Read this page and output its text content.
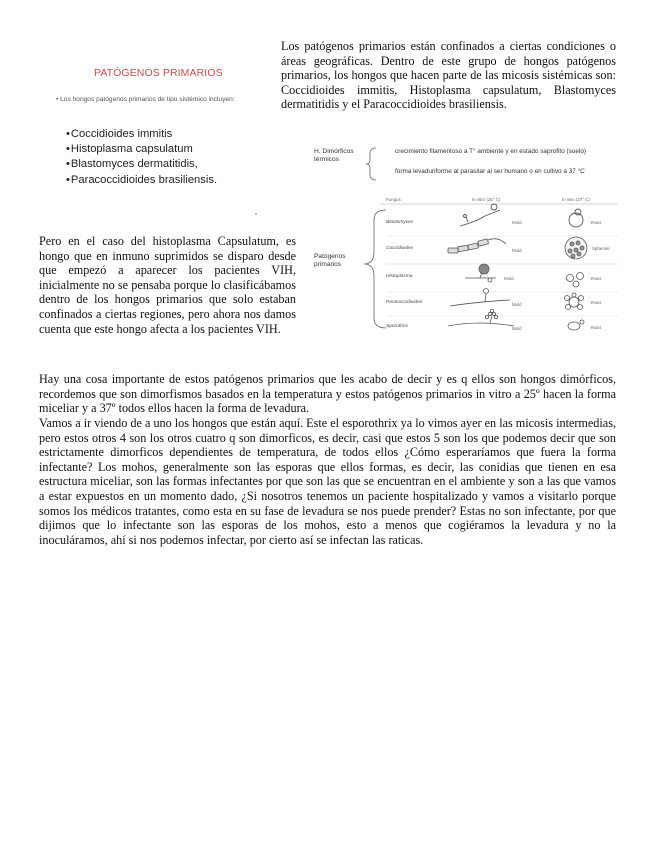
PATÓGENOS PRIMARIOS
• Los hongos patógenos primarios de tipo sistémico incluyen:
• Coccidioides immitis
• Histoplasma capsulatum
• Blastomyces dermatitidis,
• Paracoccidioides brasiliensis.

Los patógenos primarios están confinados a ciertas condiciones o áreas geográficas. Dentro de este grupo de hongos patógenos primarios, los hongos que hacen parte de las micosis sistémicas son: Coccidioides immitis, Histoplasma capsulatum, Blastomyces dermatitidis y el Paracoccidioides brasiliensis.

H. Dimórficos térmicos
crecimiento filamentoso a T° ambiente y en estado saprofito (suelo)
forma levaduriforme al parasitar al ser humano o en cultivo a 37 °C
Patógenos primarios
Fungus	In vitro (25° C)	In vivo (37° C)
Blastomyces
Coccidioides
Histoplasma
Paracoccidioides
Sporothrix
Mold
Mold
Mold
Mold
Mold
Yeast
Spherule
Yeast
Yeast
Yeast

Pero en el caso del histoplasma Capsulatum, es hongo que en inmuno suprimidos se disparo desde que empezó a aparecer los pacientes VIH, inicialmente no se pensaba porque lo clasificábamos dentro de los hongos primarios que solo estaban confinados a ciertas regiones, pero ahora nos damos cuenta que este hongo afecta a los pacientes VIH.

Hay una cosa importante de estos patógenos primarios que les acabo de decir y es q ellos son hongos dimórficos, recordemos que son dimorfismos basados en la temperatura y estos patógenos primarios in vitro a 25º hacen la forma miceliar y a 37º todos ellos hacen la forma de levadura.

Vamos a ir viendo de a uno los hongos que están aquí. Este el esporothrix ya lo vimos ayer en las micosis intermedias, pero estos otros 4 son los otros cuatro q son dimorficos, es decir, casi que estos 5 son los que podemos decir que son estrictamente dimorficos dependientes de temperatura, de todos ellos ¿Cómo esperaríamos que fuera la forma infectante? Los mohos, generalmente son las esporas que ellos formas, es decir, las conidias que tienen en esa estructura miceliar, son las formas infectantes por que son las que se encuentran en el ambiente y son a las que vamos a estar expuestos en un momento dado, ¿Si nosotros tenemos un paciente hospitalizado y vamos a visitarlo porque somos los médicos tratantes, como esta en su fase de levadura se nos puede prender? Estas no son infectante, por que dijimos que lo infectante son las esporas de los mohos, esto a menos que cogiéramos la levadura y no la inoculáramos, ahí si nos podemos infectar, por cierto así se infectan las raticas.
